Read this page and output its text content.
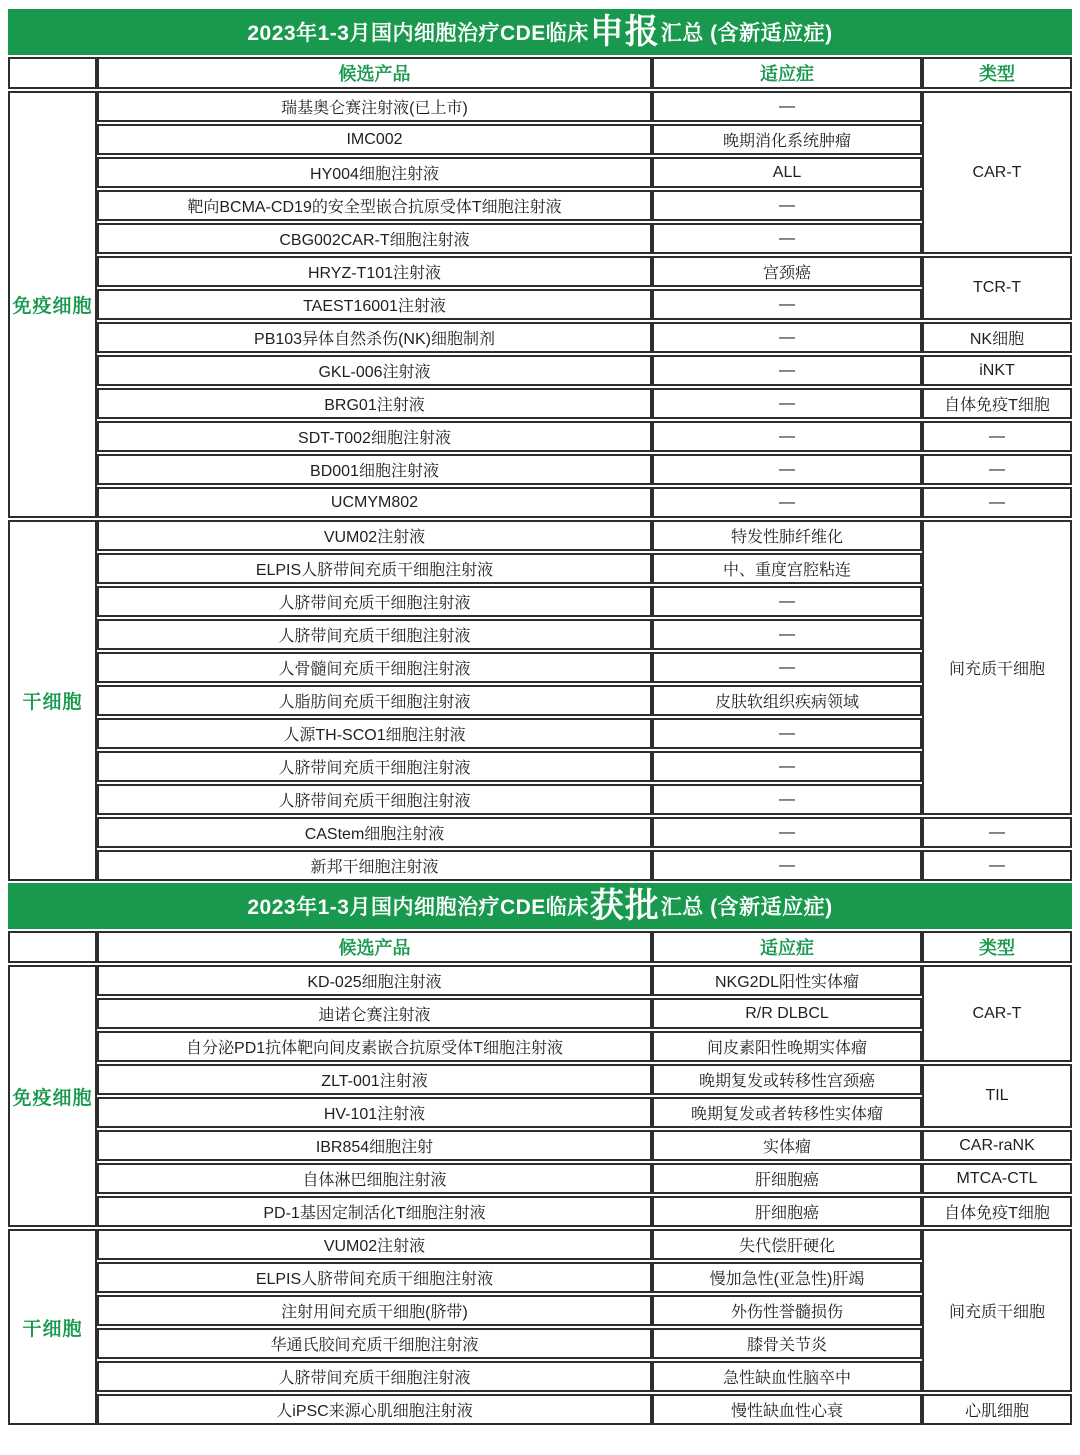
2023年1-3月国内细胞治疗CDE临床 申报 汇总 (含新适应症)
	候选产品	适应症	类型
免疫细胞	瑞基奥仑赛注射液(已上市)	—	CAR-T
	IMC002	晚期消化系统肿瘤	
	HY004细胞注射液	ALL	
	靶向BCMA-CD19的安全型嵌合抗原受体T细胞注射液	—	
	CBG002CAR-T细胞注射液	—	
	HRYZ-T101注射液	宫颈癌	TCR-T
	TAEST16001注射液	—	
	PB103异体自然杀伤(NK)细胞制剂	—	NK细胞
	GKL-006注射液	—	iNKT
	BRG01注射液	—	自体免疫T细胞
	SDT-T002细胞注射液	—	—
	BD001细胞注射液	—	—
	UCMYM802	—	—
干细胞	VUM02注射液	特发性肺纤维化	间充质干细胞
	ELPIS人脐带间充质干细胞注射液	中、重度宫腔粘连	
	人脐带间充质干细胞注射液	—	
	人脐带间充质干细胞注射液	—	
	人骨髓间充质干细胞注射液	—	
	人脂肪间充质干细胞注射液	皮肤软组织疾病领域	
	人源TH-SCO1细胞注射液	—	
	人脐带间充质干细胞注射液	—	
	人脐带间充质干细胞注射液	—	
	CAStem细胞注射液	—	—
	新邦干细胞注射液	—	—
2023年1-3月国内细胞治疗CDE临床 获批 汇总 (含新适应症)
	候选产品	适应症	类型
免疫细胞	KD-025细胞注射液	NKG2DL阳性实体瘤	CAR-T
	迪诺仑赛注射液	R/R DLBCL	
	自分泌PD1抗体靶向间皮素嵌合抗原受体T细胞注射液	间皮素阳性晚期实体瘤	
	ZLT-001注射液	晚期复发或转移性宫颈癌	TIL
	HV-101注射液	晚期复发或者转移性实体瘤	
	IBR854细胞注射	实体瘤	CAR-raNK
	自体淋巴细胞注射液	肝细胞癌	MTCA-CTL
	PD-1基因定制活化T细胞注射液	肝细胞癌	自体免疫T细胞
干细胞	VUM02注射液	失代偿肝硬化	间充质干细胞
	ELPIS人脐带间充质干细胞注射液	慢加急性(亚急性)肝竭	
	注射用间充质干细胞(脐带)	外伤性誉髓损伤	
	华通氏胶间充质干细胞注射液	膝骨关节炎	
	人脐带间充质干细胞注射液	急性缺血性脑卒中	
	人iPSC来源心肌细胞注射液	慢性缺血性心衰	心肌细胞
